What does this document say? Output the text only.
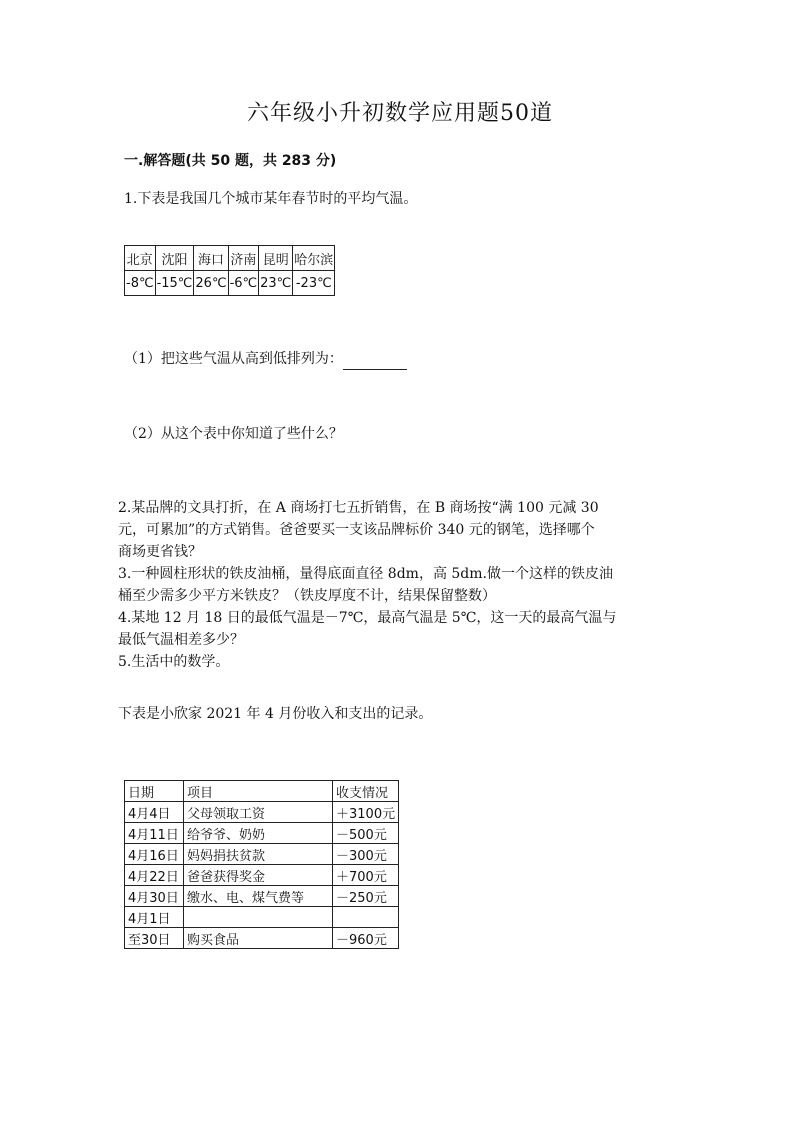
六年级小升初数学应用题50道
一.解答题(共 50 题，共 283 分)
1.下表是我国几个城市某年春节时的平均气温。
北京	沈阳	海口	济南	昆明	哈尔滨
-8℃	-15℃	26℃	-6℃	23℃	-23℃
（1）把这些气温从高到低排列为：
（2）从这个表中你知道了些什么？
2.某品牌的文具打折，在 A 商场打七五折销售，在 B 商场按“满 100 元减 30
元，可累加”的方式销售。爸爸要买一支该品牌标价 340 元的钢笔，选择哪个
商场更省钱？
3.一种圆柱形状的铁皮油桶，量得底面直径 8dm，高 5dm.做一个这样的铁皮油
桶至少需多少平方米铁皮？（铁皮厚度不计，结果保留整数）
4.某地 12 月 18 日的最低气温是－7℃，最高气温是 5℃，这一天的最高气温与
最低气温相差多少？
5.生活中的数学。
下表是小欣家 2021 年 4 月份收入和支出的记录。
日期	项目	收支情况
4月4日	父母领取工资	＋3100元
4月11日	给爷爷、奶奶	－500元
4月16日	妈妈捐扶贫款	－300元
4月22日	爸爸获得奖金	＋700元
4月30日	缴水、电、煤气费等	－250元
4月1日		
至30日	购买食品	－960元
